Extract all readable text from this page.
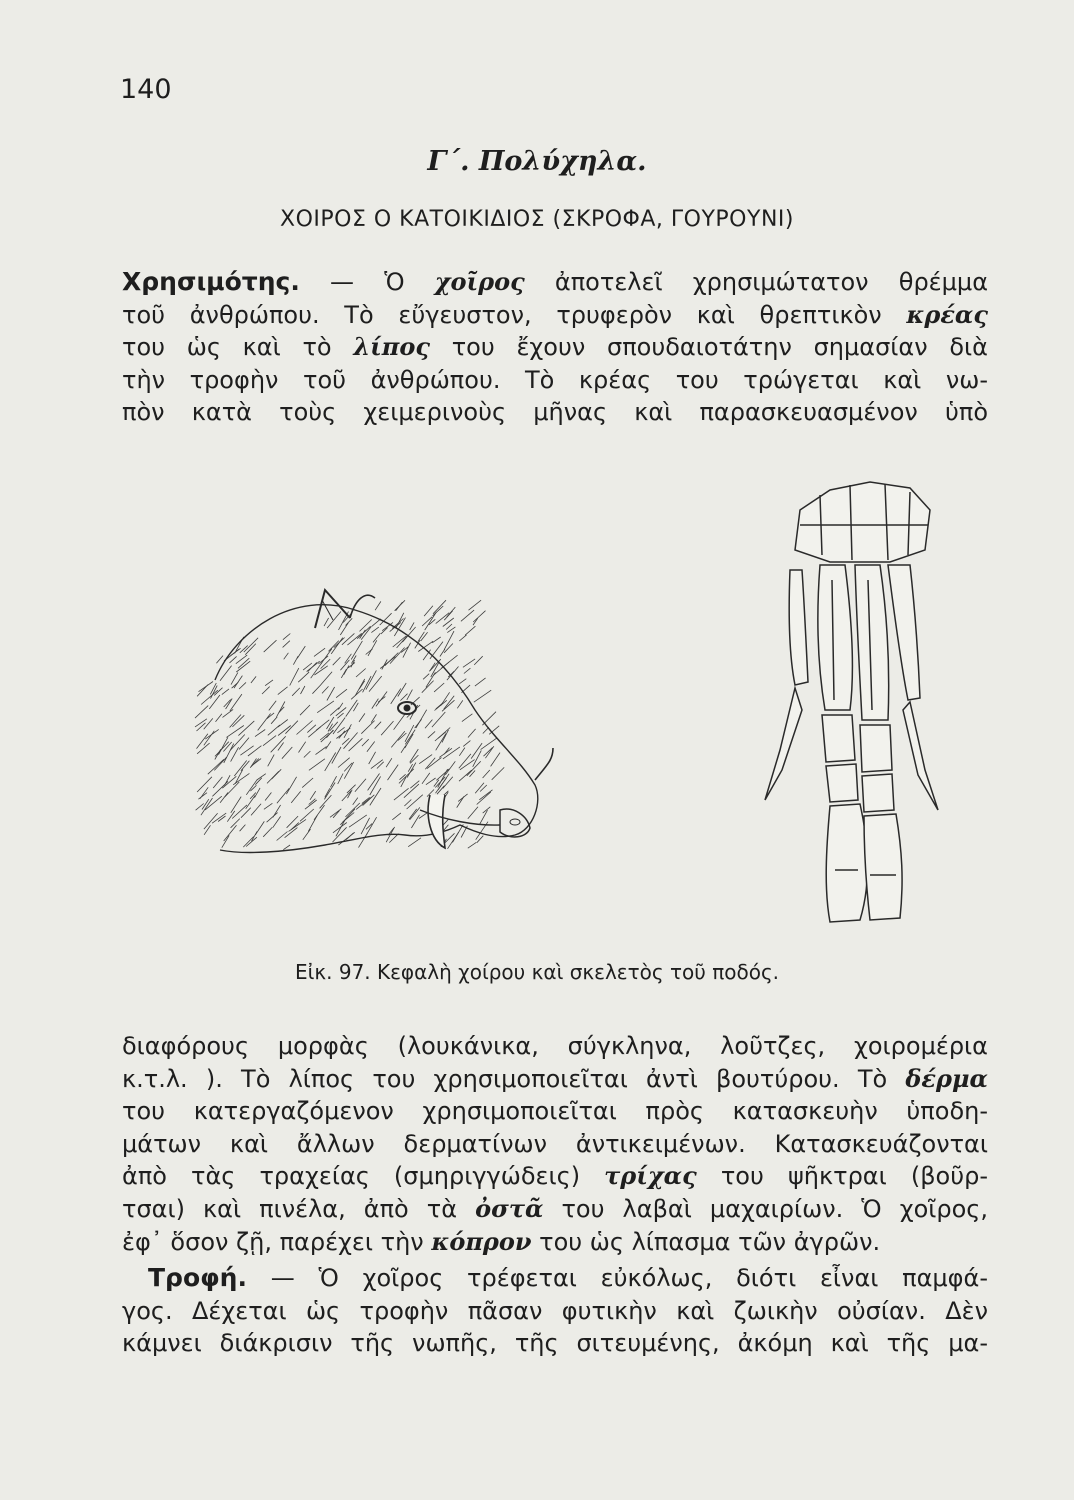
140
Γ΄. Πολύχηλα.
ΧΟΙΡΟΣ Ο ΚΑΤΟΙΚΙΔΙΟΣ (ΣΚΡΟΦΑ, ΓΟΥΡΟΥΝΙ)

Χρησιμότης. — Ὁ χοῖρος ἀποτελεῖ χρησιμώτατον θρέμμα

τοῦ ἀνθρώπου. Τὸ εὔγευστον, τρυφερὸν καὶ θρεπτικὸν κρέας

του ὡς καὶ τὸ λίπος του ἔχουν σπουδαιοτάτην σημασίαν διὰ

τὴν τροφὴν τοῦ ἀνθρώπου. Τὸ κρέας του τρώγεται καὶ νω-

πὸν κατὰ τοὺς χειμερινοὺς μῆνας καὶ παρασκευασμένον ὑπὸ

Εἰκ. 97. Κεφαλὴ χοίρου καὶ σκελετὸς τοῦ ποδός.

διαφόρους μορφὰς (λουκάνικα, σύγκληνα, λοῦτζες, χοιρομέρια

κ.τ.λ. ). Τὸ λίπος του χρησιμοποιεῖται ἀντὶ βουτύρου. Τὸ δέρμα

του κατεργαζόμενον χρησιμοποιεῖται πρὸς κατασκευὴν ὑποδη-

μάτων καὶ ἄλλων δερματίνων ἀντικειμένων. Κατασκευάζονται

ἀπὸ τὰς τραχείας (σμηριγγώδεις) τρίχας του ψῆκτραι (βοῦρ-

τσαι) καὶ πινέλα, ἀπὸ τὰ ὀστᾶ του λαβαὶ μαχαιρίων. Ὁ χοῖρος,

ἐφ᾽ ὅσον ζῇ, παρέχει τὴν κόπρον του ὡς λίπασμα τῶν ἀγρῶν.

Τροφή. — Ὁ χοῖρος τρέφεται εὐκόλως, διότι εἶναι παμφά-

γος. Δέχεται ὡς τροφὴν πᾶσαν φυτικὴν καὶ ζωικὴν οὐσίαν. Δὲν

κάμνει διάκρισιν τῆς νωπῆς, τῆς σιτευμένης, ἀκόμη καὶ τῆς μα-
